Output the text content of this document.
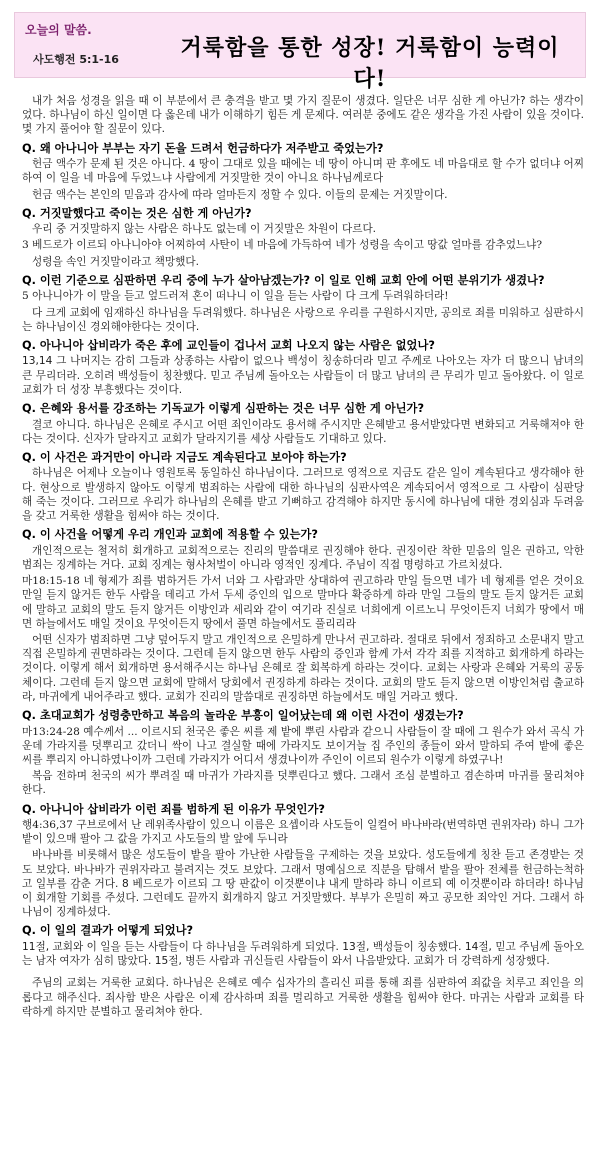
오늘의 말씀.
사도행전 5:1-16	거룩함을 통한 성장! 거룩함이 능력이다!

내가 처음 성경을 읽을 때 이 부분에서 큰 충격을 받고 몇 가지 질문이 생겼다. 일단은 너무 심한 게 아닌가? 하는 생각이었다. 하나님이 하신 일이면 다 옳은데 내가 이해하기 힘든 게 문제다. 여러분 중에도 같은 생각을 가진 사람이 있을 것이다. 몇 가지 풀어야 할 질문이 있다.

Q. 왜 아나니아 부부는 자기 돈을 드려서 헌금하다가 저주받고 죽었는가?

헌금 액수가 문제 된 것은 아니다. 4 땅이 그대로 있을 때에는 네 땅이 아니며 판 후에도 네 마음대로 할 수가 없더냐 어찌하여 이 일을 네 마음에 두었느냐 사람에게 거짓말한 것이 아니요 하나님께로다

헌금 액수는 본인의 믿음과 감사에 따라 얼마든지 정할 수 있다. 이들의 문제는 거짓말이다.

Q. 거짓말했다고 죽이는 것은 심한 게 아닌가?

우리 중 거짓말하지 않는 사람은 하나도 없는데 이 거짓말은 차원이 다르다.

3 베드로가 이르되 아나니아야 어찌하여 사탄이 네 마음에 가득하여 네가 성령을 속이고 땅값 얼마를 감추었느냐?

성령을 속인 거짓말이라고 책망했다.

Q. 이런 기준으로 심판하면 우리 중에 누가 살아남겠는가? 이 일로 인해 교회 안에 어떤 분위기가 생겼나?

5 아나니아가 이 말을 듣고 엎드러져 혼이 떠나니 이 일을 듣는 사람이 다 크게 두려워하더라!

다 크게 교회에 임재하신 하나님을 두려워했다. 하나님은 사랑으로 우리를 구원하시지만, 공의로 죄를 미워하고 심판하시는 하나님이신 경외해야한다는 것이다.

Q. 아나니아 삽비라가 죽은 후에 교인들이 겁나서 교회 나오지 않는 사람은 없었나?

13,14 그 나머지는 감히 그들과 상종하는 사람이 없으나 백성이 칭송하더라 믿고 주께로 나아오는 자가 더 많으니 남녀의 큰 무리더라. 오히려 백성들이 칭찬했다. 믿고 주님께 돌아오는 사람들이 더 많고 남녀의 큰 무리가 믿고 돌아왔다. 이 일로 교회가 더 성장 부흥했다는 것이다.

Q. 은혜와 용서를 강조하는 기독교가 이렇게 심판하는 것은 너무 심한 게 아닌가?

결코 아니다. 하나님은 은혜로 주시고 어떤 죄인이라도 용서해 주시지만 은혜받고 용서받았다면 변화되고 거룩해져야 한다는 것이다. 신자가 달라지고 교회가 달라지기를 세상 사람들도 기대하고 있다.

Q. 이 사건은 과거만이 아니라 지금도 계속된다고 보아야 하는가?

하나님은 어제나 오늘이나 영원토록 동일하신 하나님이다. 그러므로 영적으로 지금도 같은 일이 계속된다고 생각해야 한다. 현상으로 발생하지 않아도 이렇게 범죄하는 사람에 대한 하나님의 심판사역은 계속되어서 영적으로 그 사람이 심판당해 죽는 것이다. 그러므로 우리가 하나님의 은혜를 받고 기뻐하고 감격해야 하지만 동시에 하나님에 대한 경외심과 두려움을 갖고 거룩한 생활을 힘써야 하는 것이다.

Q. 이 사건을 어떻게 우리 개인과 교회에 적용할 수 있는가?

개인적으로는 철저히 회개하고 교회적으로는 진리의 말씀대로 권징해야 한다. 권징이란 착한 믿음의 일은 권하고, 악한 범죄는 징계하는 거다. 교회 징계는 형사처벌이 아니라 영적인 징계다. 주님이 직접 명령하고 가르치셨다.

마18:15-18 네 형제가 죄를 범하거든 가서 너와 그 사람과만 상대하여 권고하라 만일 들으면 네가 네 형제를 얻은 것이요 만일 듣지 않거든 한두 사람을 데리고 가서 두세 증인의 입으로 말마다 확증하게 하라 만일 그들의 말도 듣지 않거든 교회에 말하고 교회의 말도 듣지 않거든 이방인과 세리와 같이 여기라 진실로 너희에게 이르노니 무엇이든지 너희가 땅에서 매면 하늘에서도 매일 것이요 무엇이든지 땅에서 풀면 하늘에서도 풀리리라

어떤 신자가 범죄하면 그냥 덮어두지 말고 개인적으로 은밀하게 만나서 권고하라. 절대로 뒤에서 정죄하고 소문내지 말고 직접 은밀하게 권면하라는 것이다. 그런데 듣지 않으면 한두 사람의 증인과 함께 가서 각각 죄를 지적하고 회개하게 하라는 것이다. 이렇게 해서 회개하면 용서해주시는 하나님 은혜로 잘 회복하게 하라는 것이다. 교회는 사랑과 은혜와 거룩의 공동체이다. 그런데 듣지 않으면 교회에 말해서 당회에서 권징하게 하라는 것이다. 교회의 말도 듣지 않으면 이방인처럼 출교하라, 마귀에게 내어주라고 했다. 교회가 진리의 말씀대로 권징하면 하늘에서도 매일 거라고 했다.

Q. 초대교회가 성령충만하고 복음의 놀라운 부흥이 일어났는데 왜 이런 사건이 생겼는가?

마13:24-28 예수께서 ... 이르시되 천국은 좋은 씨를 제 밭에 뿌린 사람과 같으니 사람들이 잘 때에 그 원수가 와서 곡식 가운데 가라지를 덧뿌리고 갔더니 싹이 나고 결실할 때에 가라지도 보이거늘 집 주인의 종들이 와서 말하되 주여 밭에 좋은 씨를 뿌리지 아니하였나이까 그런데 가라지가 어디서 생겼나이까 주인이 이르되 원수가 이렇게 하였구나!

복음 전하며 천국의 씨가 뿌려질 때 마귀가 가라지를 덧뿌린다고 했다. 그래서 조심 분별하고 겸손하며 마귀를 물리쳐야 한다.

Q. 아나니아 삽비라가 이런 죄를 범하게 된 이유가 무엇인가?

행4:36,37 구브로에서 난 레위족사람이 있으니 이름은 요셉이라 사도들이 일컬어 바나바라(번역하면 권위자라) 하니 그가 밭이 있으매 팔아 그 값을 가지고 사도들의 발 앞에 두니라

바나바를 비롯해서 많은 성도들이 밭을 팔아 가난한 사람들을 구제하는 것을 보았다. 성도들에게 칭찬 듣고 존경받는 것도 보았다. 바나바가 권위자라고 불려지는 것도 보았다. 그래서 명예심으로 직분을 탐해서 밭을 팔아 전체를 헌금하는척하고 일부를 감춘 거다. 8 베드로가 이르되 그 땅 판값이 이것뿐이냐 내게 말하라 하니 이르되 예 이것뿐이라 하더라! 하나님이 회개할 기회를 주셨다. 그런데도 끝까지 회개하지 않고 거짓말했다. 부부가 은밀히 짜고 공모한 죄악인 거다. 그래서 하나님이 징계하셨다.

Q. 이 일의 결과가 어떻게 되었나?

11절, 교회와 이 일을 듣는 사람들이 다 하나님을 두려워하게 되었다. 13절, 백성들이 칭송했다. 14절, 믿고 주님께 돌아오는 남자 여자가 심히 많았다. 15절, 병든 사람과 귀신들린 사람들이 와서 나음받았다. 교회가 더 강력하게 성장했다.

주님의 교회는 거룩한 교회다. 하나님은 은혜로 예수 십자가의 흘리신 피를 통해 죄를 심판하여 죄값을 치루고 죄인을 의롭다고 해주신다. 죄사함 받은 사람은 이제 감사하며 죄를 멀리하고 거룩한 생활을 힘써야 한다. 마귀는 사람과 교회를 타락하게 하지만 분별하고 물리쳐야 한다.
